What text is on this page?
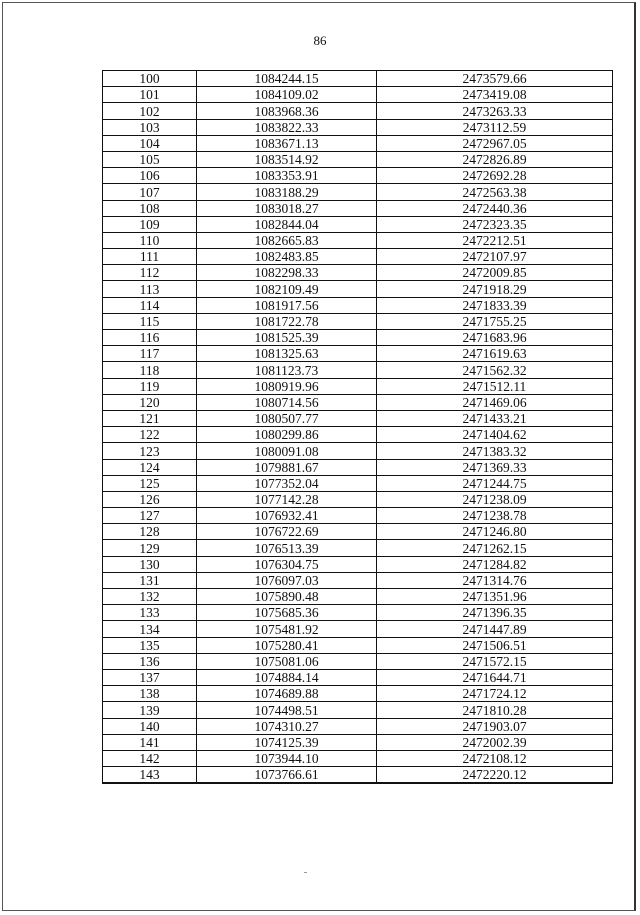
86
100	1084244.15	2473579.66
101	1084109.02	2473419.08
102	1083968.36	2473263.33
103	1083822.33	2473112.59
104	1083671.13	2472967.05
105	1083514.92	2472826.89
106	1083353.91	2472692.28
107	1083188.29	2472563.38
108	1083018.27	2472440.36
109	1082844.04	2472323.35
110	1082665.83	2472212.51
111	1082483.85	2472107.97
112	1082298.33	2472009.85
113	1082109.49	2471918.29
114	1081917.56	2471833.39
115	1081722.78	2471755.25
116	1081525.39	2471683.96
117	1081325.63	2471619.63
118	1081123.73	2471562.32
119	1080919.96	2471512.11
120	1080714.56	2471469.06
121	1080507.77	2471433.21
122	1080299.86	2471404.62
123	1080091.08	2471383.32
124	1079881.67	2471369.33
125	1077352.04	2471244.75
126	1077142.28	2471238.09
127	1076932.41	2471238.78
128	1076722.69	2471246.80
129	1076513.39	2471262.15
130	1076304.75	2471284.82
131	1076097.03	2471314.76
132	1075890.48	2471351.96
133	1075685.36	2471396.35
134	1075481.92	2471447.89
135	1075280.41	2471506.51
136	1075081.06	2471572.15
137	1074884.14	2471644.71
138	1074689.88	2471724.12
139	1074498.51	2471810.28
140	1074310.27	2471903.07
141	1074125.39	2472002.39
142	1073944.10	2472108.12
143	1073766.61	2472220.12
